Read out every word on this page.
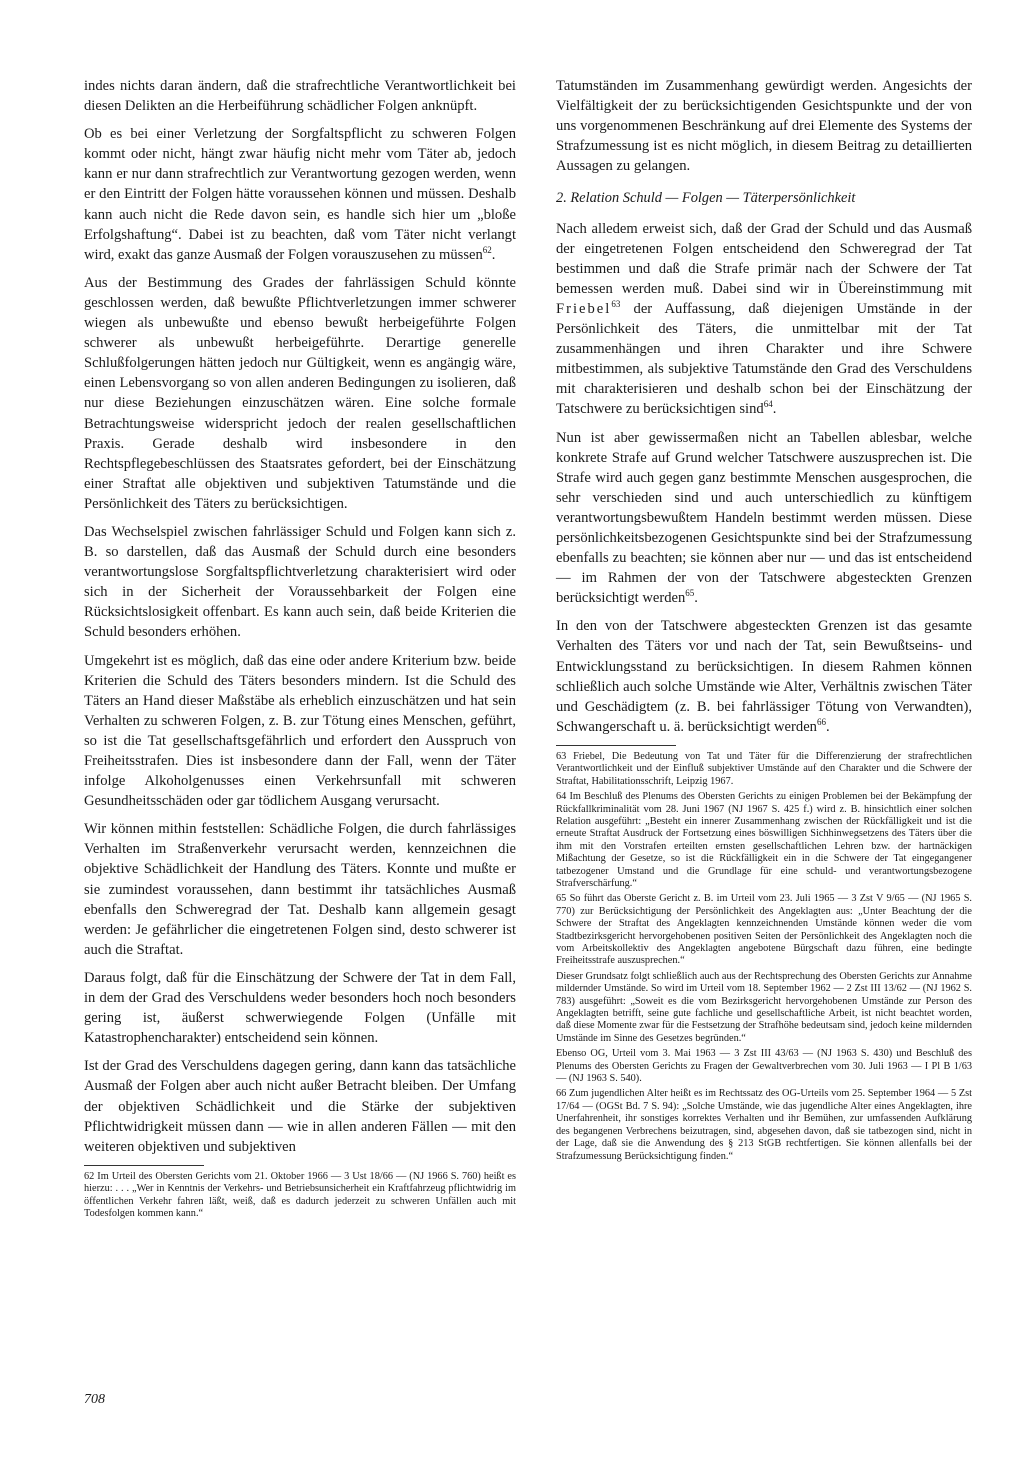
indes nichts daran ändern, daß die strafrechtliche Verantwortlichkeit bei diesen Delikten an die Herbeiführung schädlicher Folgen anknüpft.

Ob es bei einer Verletzung der Sorgfaltspflicht zu schweren Folgen kommt oder nicht, hängt zwar häufig nicht mehr vom Täter ab, jedoch kann er nur dann strafrechtlich zur Verantwortung gezogen werden, wenn er den Eintritt der Folgen hätte voraussehen können und müssen. Deshalb kann auch nicht die Rede davon sein, es handle sich hier um „bloße Erfolgshaftung“. Dabei ist zu beachten, daß vom Täter nicht verlangt wird, exakt das ganze Ausmaß der Folgen vorauszusehen zu müssen$^{62}$.

Aus der Bestimmung des Grades der fahrlässigen Schuld könnte geschlossen werden, daß bewußte Pflichtverletzungen immer schwerer wiegen als unbewußte und ebenso bewußt herbeigeführte Folgen schwerer als unbewußt herbeigeführte. Derartige generelle Schlußfolgerungen hätten jedoch nur Gültigkeit, wenn es angängig wäre, einen Lebensvorgang so von allen anderen Bedingungen zu isolieren, daß nur diese Beziehungen einzuschätzen wären. Eine solche formale Betrachtungsweise widerspricht jedoch der realen gesellschaftlichen Praxis. Gerade deshalb wird insbesondere in den Rechtspflegebeschlüssen des Staatsrates gefordert, bei der Einschätzung einer Straftat alle objektiven und subjektiven Tatumstände und die Persönlichkeit des Täters zu berücksichtigen.

Das Wechselspiel zwischen fahrlässiger Schuld und Folgen kann sich z. B. so darstellen, daß das Ausmaß der Schuld durch eine besonders verantwortungslose Sorgfaltspflichtverletzung charakterisiert wird oder sich in der Sicherheit der Voraussehbarkeit der Folgen eine Rücksichtslosigkeit offenbart. Es kann auch sein, daß beide Kriterien die Schuld besonders erhöhen.

Umgekehrt ist es möglich, daß das eine oder andere Kriterium bzw. beide Kriterien die Schuld des Täters besonders mindern. Ist die Schuld des Täters an Hand dieser Maßstäbe als erheblich einzuschätzen und hat sein Verhalten zu schweren Folgen, z. B. zur Tötung eines Menschen, geführt, so ist die Tat gesellschaftsgefährlich und erfordert den Ausspruch von Freiheitsstrafen. Dies ist insbesondere dann der Fall, wenn der Täter infolge Alkoholgenusses einen Verkehrsunfall mit schweren Gesundheitsschäden oder gar tödlichem Ausgang verursacht.

Wir können mithin feststellen: Schädliche Folgen, die durch fahrlässiges Verhalten im Straßenverkehr verursacht werden, kennzeichnen die objektive Schädlichkeit der Handlung des Täters. Konnte und mußte er sie zumindest voraussehen, dann bestimmt ihr tatsächliches Ausmaß ebenfalls den Schweregrad der Tat. Deshalb kann allgemein gesagt werden: Je gefährlicher die eingetretenen Folgen sind, desto schwerer ist auch die Straftat.

Daraus folgt, daß für die Einschätzung der Schwere der Tat in dem Fall, in dem der Grad des Verschuldens weder besonders hoch noch besonders gering ist, äußerst schwerwiegende Folgen (Unfälle mit Katastrophencharakter) entscheidend sein können.

Ist der Grad des Verschuldens dagegen gering, dann kann das tatsächliche Ausmaß der Folgen aber auch nicht außer Betracht bleiben. Der Umfang der objektiven Schädlichkeit und die Stärke der subjektiven Pflichtwidrigkeit müssen dann — wie in allen anderen Fällen — mit den weiteren objektiven und subjektiven

62 Im Urteil des Obersten Gerichts vom 21. Oktober 1966 — 3 Ust 18/66 — (NJ 1966 S. 760) heißt es hierzu: . . . „Wer in Kenntnis der Verkehrs- und Betriebsunsicherheit ein Kraftfahrzeug pflichtwidrig im öffentlichen Verkehr fahren läßt, weiß, daß es dadurch jederzeit zu schweren Unfällen auch mit Todesfolgen kommen kann.“

Tatumständen im Zusammenhang gewürdigt werden. Angesichts der Vielfältigkeit der zu berücksichtigenden Gesichtspunkte und der von uns vorgenommenen Beschränkung auf drei Elemente des Systems der Strafzumessung ist es nicht möglich, in diesem Beitrag zu detaillierten Aussagen zu gelangen.

2. Relation Schuld — Folgen — Täterpersönlichkeit

Nach alledem erweist sich, daß der Grad der Schuld und das Ausmaß der eingetretenen Folgen entscheidend den Schweregrad der Tat bestimmen und daß die Strafe primär nach der Schwere der Tat bemessen werden muß. Dabei sind wir in Übereinstimmung mit Friebel$^{63}$ der Auffassung, daß diejenigen Umstände in der Persönlichkeit des Täters, die unmittelbar mit der Tat zusammenhängen und ihren Charakter und ihre Schwere mitbestimmen, als subjektive Tatumstände den Grad des Verschuldens mit charakterisieren und deshalb schon bei der Einschätzung der Tatschwere zu berücksichtigen sind$^{64}$.

Nun ist aber gewissermaßen nicht an Tabellen ablesbar, welche konkrete Strafe auf Grund welcher Tatschwere auszusprechen ist. Die Strafe wird auch gegen ganz bestimmte Menschen ausgesprochen, die sehr verschieden sind und auch unterschiedlich zu künftigem verantwortungsbewußtem Handeln bestimmt werden müssen. Diese persönlichkeitsbezogenen Gesichtspunkte sind bei der Strafzumessung ebenfalls zu beachten; sie können aber nur — und das ist entscheidend — im Rahmen der von der Tatschwere abgesteckten Grenzen berücksichtigt werden$^{65}$.

In den von der Tatschwere abgesteckten Grenzen ist das gesamte Verhalten des Täters vor und nach der Tat, sein Bewußtseins- und Entwicklungsstand zu berücksichtigen. In diesem Rahmen können schließlich auch solche Umstände wie Alter, Verhältnis zwischen Täter und Geschädigtem (z. B. bei fahrlässiger Tötung von Verwandten), Schwangerschaft u. ä. berücksichtigt werden$^{66}$.

63 Friebel, Die Bedeutung von Tat und Täter für die Differenzierung der strafrechtlichen Verantwortlichkeit und der Einfluß subjektiver Umstände auf den Charakter und die Schwere der Straftat, Habilitationsschrift, Leipzig 1967.

64 Im Beschluß des Plenums des Obersten Gerichts zu einigen Problemen bei der Bekämpfung der Rückfallkriminalität vom 28. Juni 1967 (NJ 1967 S. 425 f.) wird z. B. hinsichtlich einer solchen Relation ausgeführt: „Besteht ein innerer Zusammenhang zwischen der Rückfälligkeit und ist die erneute Straftat Ausdruck der Fortsetzung eines böswilligen Sichhinwegsetzens des Täters über die ihm mit den Vorstrafen erteilten ernsten gesellschaftlichen Lehren bzw. der hartnäckigen Mißachtung der Gesetze, so ist die Rückfälligkeit ein in die Schwere der Tat eingegangener tatbezogener Umstand und die Grundlage für eine schuld- und verantwortungsbezogene Strafverschärfung.“

65 So führt das Oberste Gericht z. B. im Urteil vom 23. Juli 1965 — 3 Zst V 9/65 — (NJ 1965 S. 770) zur Berücksichtigung der Persönlichkeit des Angeklagten aus: „Unter Beachtung der die Schwere der Straftat des Angeklagten kennzeichnenden Umstände können weder die vom Stadtbezirksgericht hervorgehobenen positiven Seiten der Persönlichkeit des Angeklagten noch die vom Arbeitskollektiv des Angeklagten angebotene Bürgschaft dazu führen, eine bedingte Freiheitsstrafe auszusprechen.“

Dieser Grundsatz folgt schließlich auch aus der Rechtsprechung des Obersten Gerichts zur Annahme mildernder Umstände. So wird im Urteil vom 18. September 1962 — 2 Zst III 13/62 — (NJ 1962 S. 783) ausgeführt: „Soweit es die vom Bezirksgericht hervorgehobenen Umstände zur Person des Angeklagten betrifft, seine gute fachliche und gesellschaftliche Arbeit, ist nicht beachtet worden, daß diese Momente zwar für die Festsetzung der Strafhöhe bedeutsam sind, jedoch keine mildernden Umstände im Sinne des Gesetzes begründen.“

Ebenso OG, Urteil vom 3. Mai 1963 — 3 Zst III 43/63 — (NJ 1963 S. 430) und Beschluß des Plenums des Obersten Gerichts zu Fragen der Gewaltverbrechen vom 30. Juli 1963 — I Pl B 1/63 — (NJ 1963 S. 540).

66 Zum jugendlichen Alter heißt es im Rechtssatz des OG-Urteils vom 25. September 1964 — 5 Zst 17/64 — (OGSt Bd. 7 S. 94): „Solche Umstände, wie das jugendliche Alter eines Angeklagten, ihre Unerfahrenheit, ihr sonstiges korrektes Verhalten und ihr Bemühen, zur umfassenden Aufklärung des begangenen Verbrechens beizutragen, sind, abgesehen davon, daß sie tatbezogen sind, nicht in der Lage, daß sie die Anwendung des § 213 StGB rechtfertigen. Sie können allenfalls bei der Strafzumessung Berücksichtigung finden.“

708
